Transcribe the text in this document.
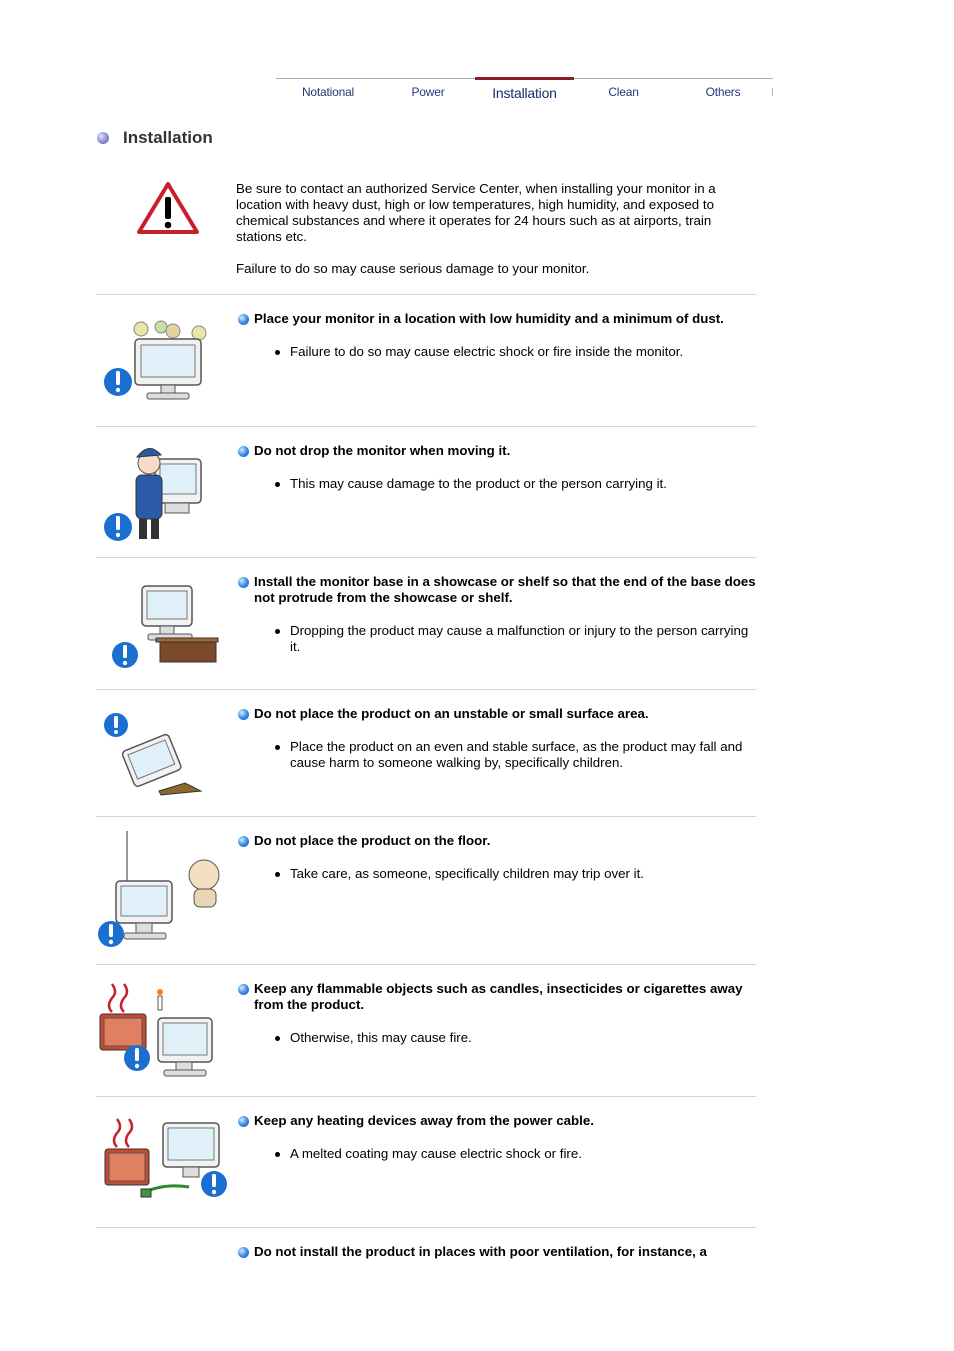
Notational	Power	Installation	Clean	Others
Installation

Be sure to contact an authorized Service Center, when installing your monitor in a location with heavy dust, high or low temperatures, high humidity, and exposed to chemical substances and where it operates for 24 hours such as at airports, train stations etc.

Failure to do so may cause serious damage to your monitor.

Place your monitor in a location with low humidity and a minimum of dust.
Failure to do so may cause electric shock or fire inside the monitor.
Do not drop the monitor when moving it.
This may cause damage to the product or the person carrying it.
Install the monitor base in a showcase or shelf so that the end of the base does not protrude from the showcase or shelf.
Dropping the product may cause a malfunction or injury to the person carrying it.
Do not place the product on an unstable or small surface area.
Place the product on an even and stable surface, as the product may fall and cause harm to someone walking by, specifically children.
Do not place the product on the floor.
Take care, as someone, specifically children may trip over it.
Keep any flammable objects such as candles, insecticides or cigarettes away from the product.
Otherwise, this may cause fire.
Keep any heating devices away from the power cable.
A melted coating may cause electric shock or fire.
Do not install the product in places with poor ventilation, for instance, a
